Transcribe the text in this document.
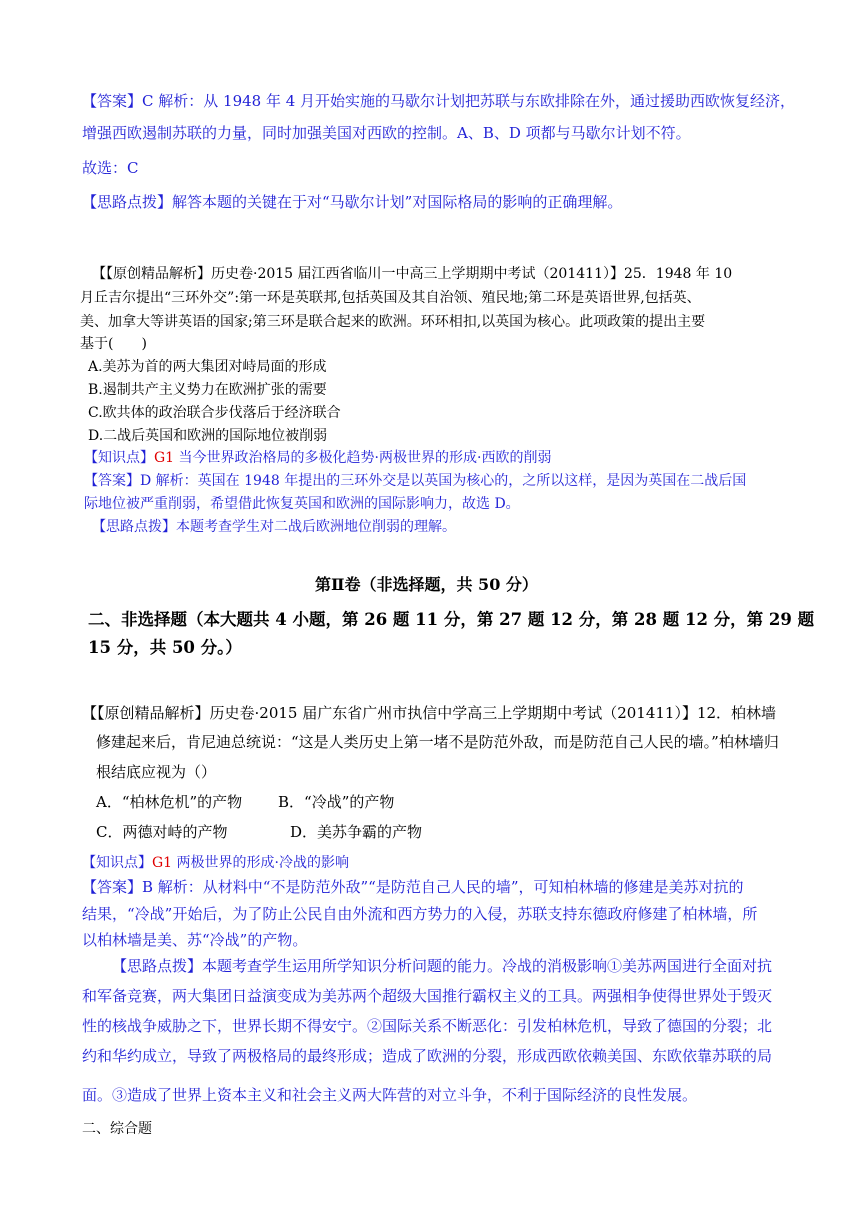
【答案】C 解析：从 1948 年 4 月开始实施的马歇尔计划把苏联与东欧排除在外，通过援助西欧恢复经济，
增强西欧遏制苏联的力量，同时加强美国对西欧的控制。A、B、D 项都与马歇尔计划不符。
故选：C
【思路点拨】解答本题的关键在于对“马歇尔计划”对国际格局的影响的正确理解。
【【原创精品解析】历史卷·2015 届江西省临川一中高三上学期期中考试（201411）】25．1948 年 10
月丘吉尔提出“三环外交”:第一环是英联邦,包括英国及其自治领、殖民地;第二环是英语世界,包括英、
美、加拿大等讲英语的国家;第三环是联合起来的欧洲。环环相扣,以英国为核心。此项政策的提出主要
基于(　　)
A.美苏为首的两大集团对峙局面的形成
B.遏制共产主义势力在欧洲扩张的需要
C.欧共体的政治联合步伐落后于经济联合
D.二战后英国和欧洲的国际地位被削弱
【知识点】G1 当今世界政治格局的多极化趋势·两极世界的形成·西欧的削弱
【答案】D 解析：英国在 1948 年提出的三环外交是以英国为核心的，之所以这样，是因为英国在二战后国
际地位被严重削弱，希望借此恢复英国和欧洲的国际影响力，故选 D。
【思路点拨】本题考查学生对二战后欧洲地位削弱的理解。
第Ⅱ卷（非选择题，共 50 分）
二、非选择题（本大题共 4 小题，第 26 题 11 分，第 27 题 12 分，第 28 题 12 分，第 29 题
15 分，共 50 分。）
【【原创精品解析】历史卷·2015 届广东省广州市执信中学高三上学期期中考试（201411）】12．柏林墙
修建起来后，肯尼迪总统说：“这是人类历史上第一堵不是防范外敌，而是防范自己人民的墙。”柏林墙归
根结底应视为（）
A．“柏林危机”的产物 B．“冷战”的产物
C．两德对峙的产物	D．美苏争霸的产物
【知识点】G1 两极世界的形成·冷战的影响
【答案】B 解析：从材料中“不是防范外敌”“是防范自己人民的墙”，可知柏林墙的修建是美苏对抗的
结果，“冷战”开始后，为了防止公民自由外流和西方势力的入侵，苏联支持东德政府修建了柏林墙，所
以柏林墙是美、苏“冷战”的产物。
【思路点拨】本题考查学生运用所学知识分析问题的能力。冷战的消极影响①美苏两国进行全面对抗
和军备竞赛，两大集团日益演变成为美苏两个超级大国推行霸权主义的工具。两强相争使得世界处于毁灭
性的核战争威胁之下，世界长期不得安宁。②国际关系不断恶化：引发柏林危机，导致了德国的分裂；北
约和华约成立，导致了两极格局的最终形成；造成了欧洲的分裂，形成西欧依赖美国、东欧依靠苏联的局
面。③造成了世界上资本主义和社会主义两大阵营的对立斗争，不利于国际经济的良性发展。
二、综合题
